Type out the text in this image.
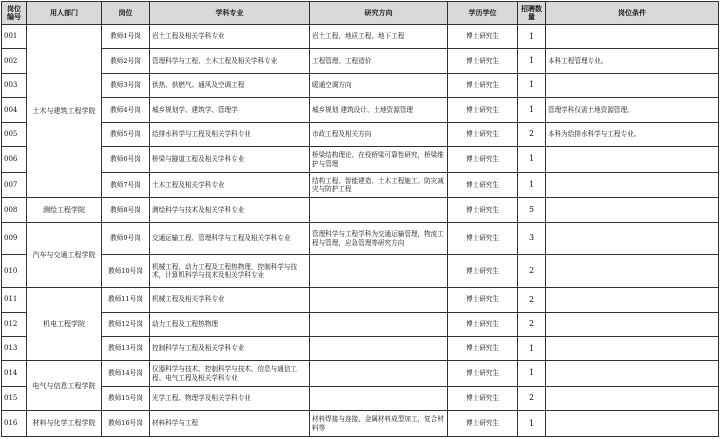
岗位编号	用人部门	岗位	学科专业	研究方向	学历学位	招聘数量	岗位条件
001	土木与建筑工程学院	教师1号岗	岩土工程及相关学科专业	岩土工程、地质工程、地下工程	博士研究生	1	
002		教师2号岗	管理科学与工程、土木工程及相关学科专业	工程管理、工程造价	博士研究生	1	本科工程管理专业。
003		教师3号岗	供热、供燃气、通风及空调工程	暖通空调方向	博士研究生	1	
004		教师4号岗	城乡规划学、建筑学、管理学	城乡规划 建筑设计、土地资源管理	博士研究生	1	管理学科仅需土地资源管理。
005		教师5号岗	给排水科学与工程及相关学科专业	市政工程及相关方向	博士研究生	2	本科为给排水科学与工程专业。
006		教师6号岗	桥梁与隧道工程及相关学科专业	桥梁结构理论、在役桥梁可靠性研究，桥梁维护与管理	博士研究生	1	
007		教师7号岗	土木工程及相关学科专业	结构工程、智能建造、土木工程施工、防灾减灾与防护工程	博士研究生	1	
008	测绘工程学院	教师8号岗	测绘科学与技术及相关学科专业		博士研究生	5	
009	汽车与交通工程学院	教师9号岗	交通运输工程、管理科学与工程及相关学科专业	管理科学与工程学科为交通运输管理，物流工程与管理，应急管理等研究方向	博士研究生	3	
010		教师10号岗	机械工程，动力工程及工程热物理，控制科学与技术，计算机科学与技术及相关学科专业		博士研究生	2	
011	机电工程学院	教师11号岗	机械工程及相关学科专业		博士研究生	2	
012		教师12号岗	动力工程及工程热物理		博士研究生	2	
013		教师13号岗	控制科学与工程及相关学科专业		博士研究生	1	
014	电气与信息工程学院	教师14号岗	仪器科学与技术、控制科学与技术、信息与通信工程、电气工程及相关学科专业		博士研究生	1	
015		教师15号岗	光学工程、物理学及相关学科专业		博士研究生	2	
016	材料与化学工程学院	教师16号岗	材料科学与工程	材料焊接与连接、金属材料成型加工，复合材料等	博士研究生	1	
